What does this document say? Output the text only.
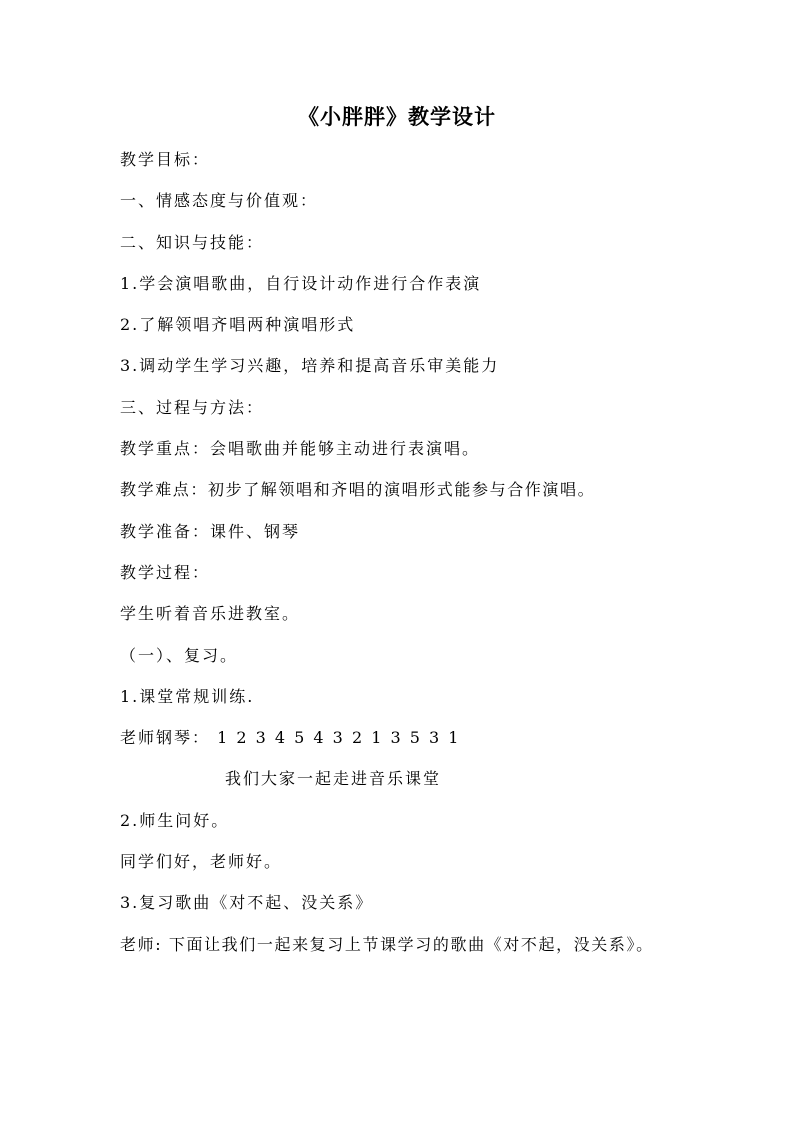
《小胖胖》教学设计
教学目标：
一、情感态度与价值观：
二、知识与技能：
1.学会演唱歌曲，自行设计动作进行合作表演
2.了解领唱齐唱两种演唱形式
3.调动学生学习兴趣，培养和提高音乐审美能力
三、过程与方法：
教学重点：会唱歌曲并能够主动进行表演唱。
教学难点：初步了解领唱和齐唱的演唱形式能参与合作演唱。
教学准备：课件、钢琴
教学过程：
学生听着音乐进教室。
（一）、复习。
1.课堂常规训练.
老师钢琴： 1 2 3 4 5 4 3 2 1 3 5 3 1
我们大家一起走进音乐课堂
2.师生问好。
同学们好，老师好。
3.复习歌曲《对不起、没关系》
老师: 下面让我们一起来复习上节课学习的歌曲《对不起，没关系》。
